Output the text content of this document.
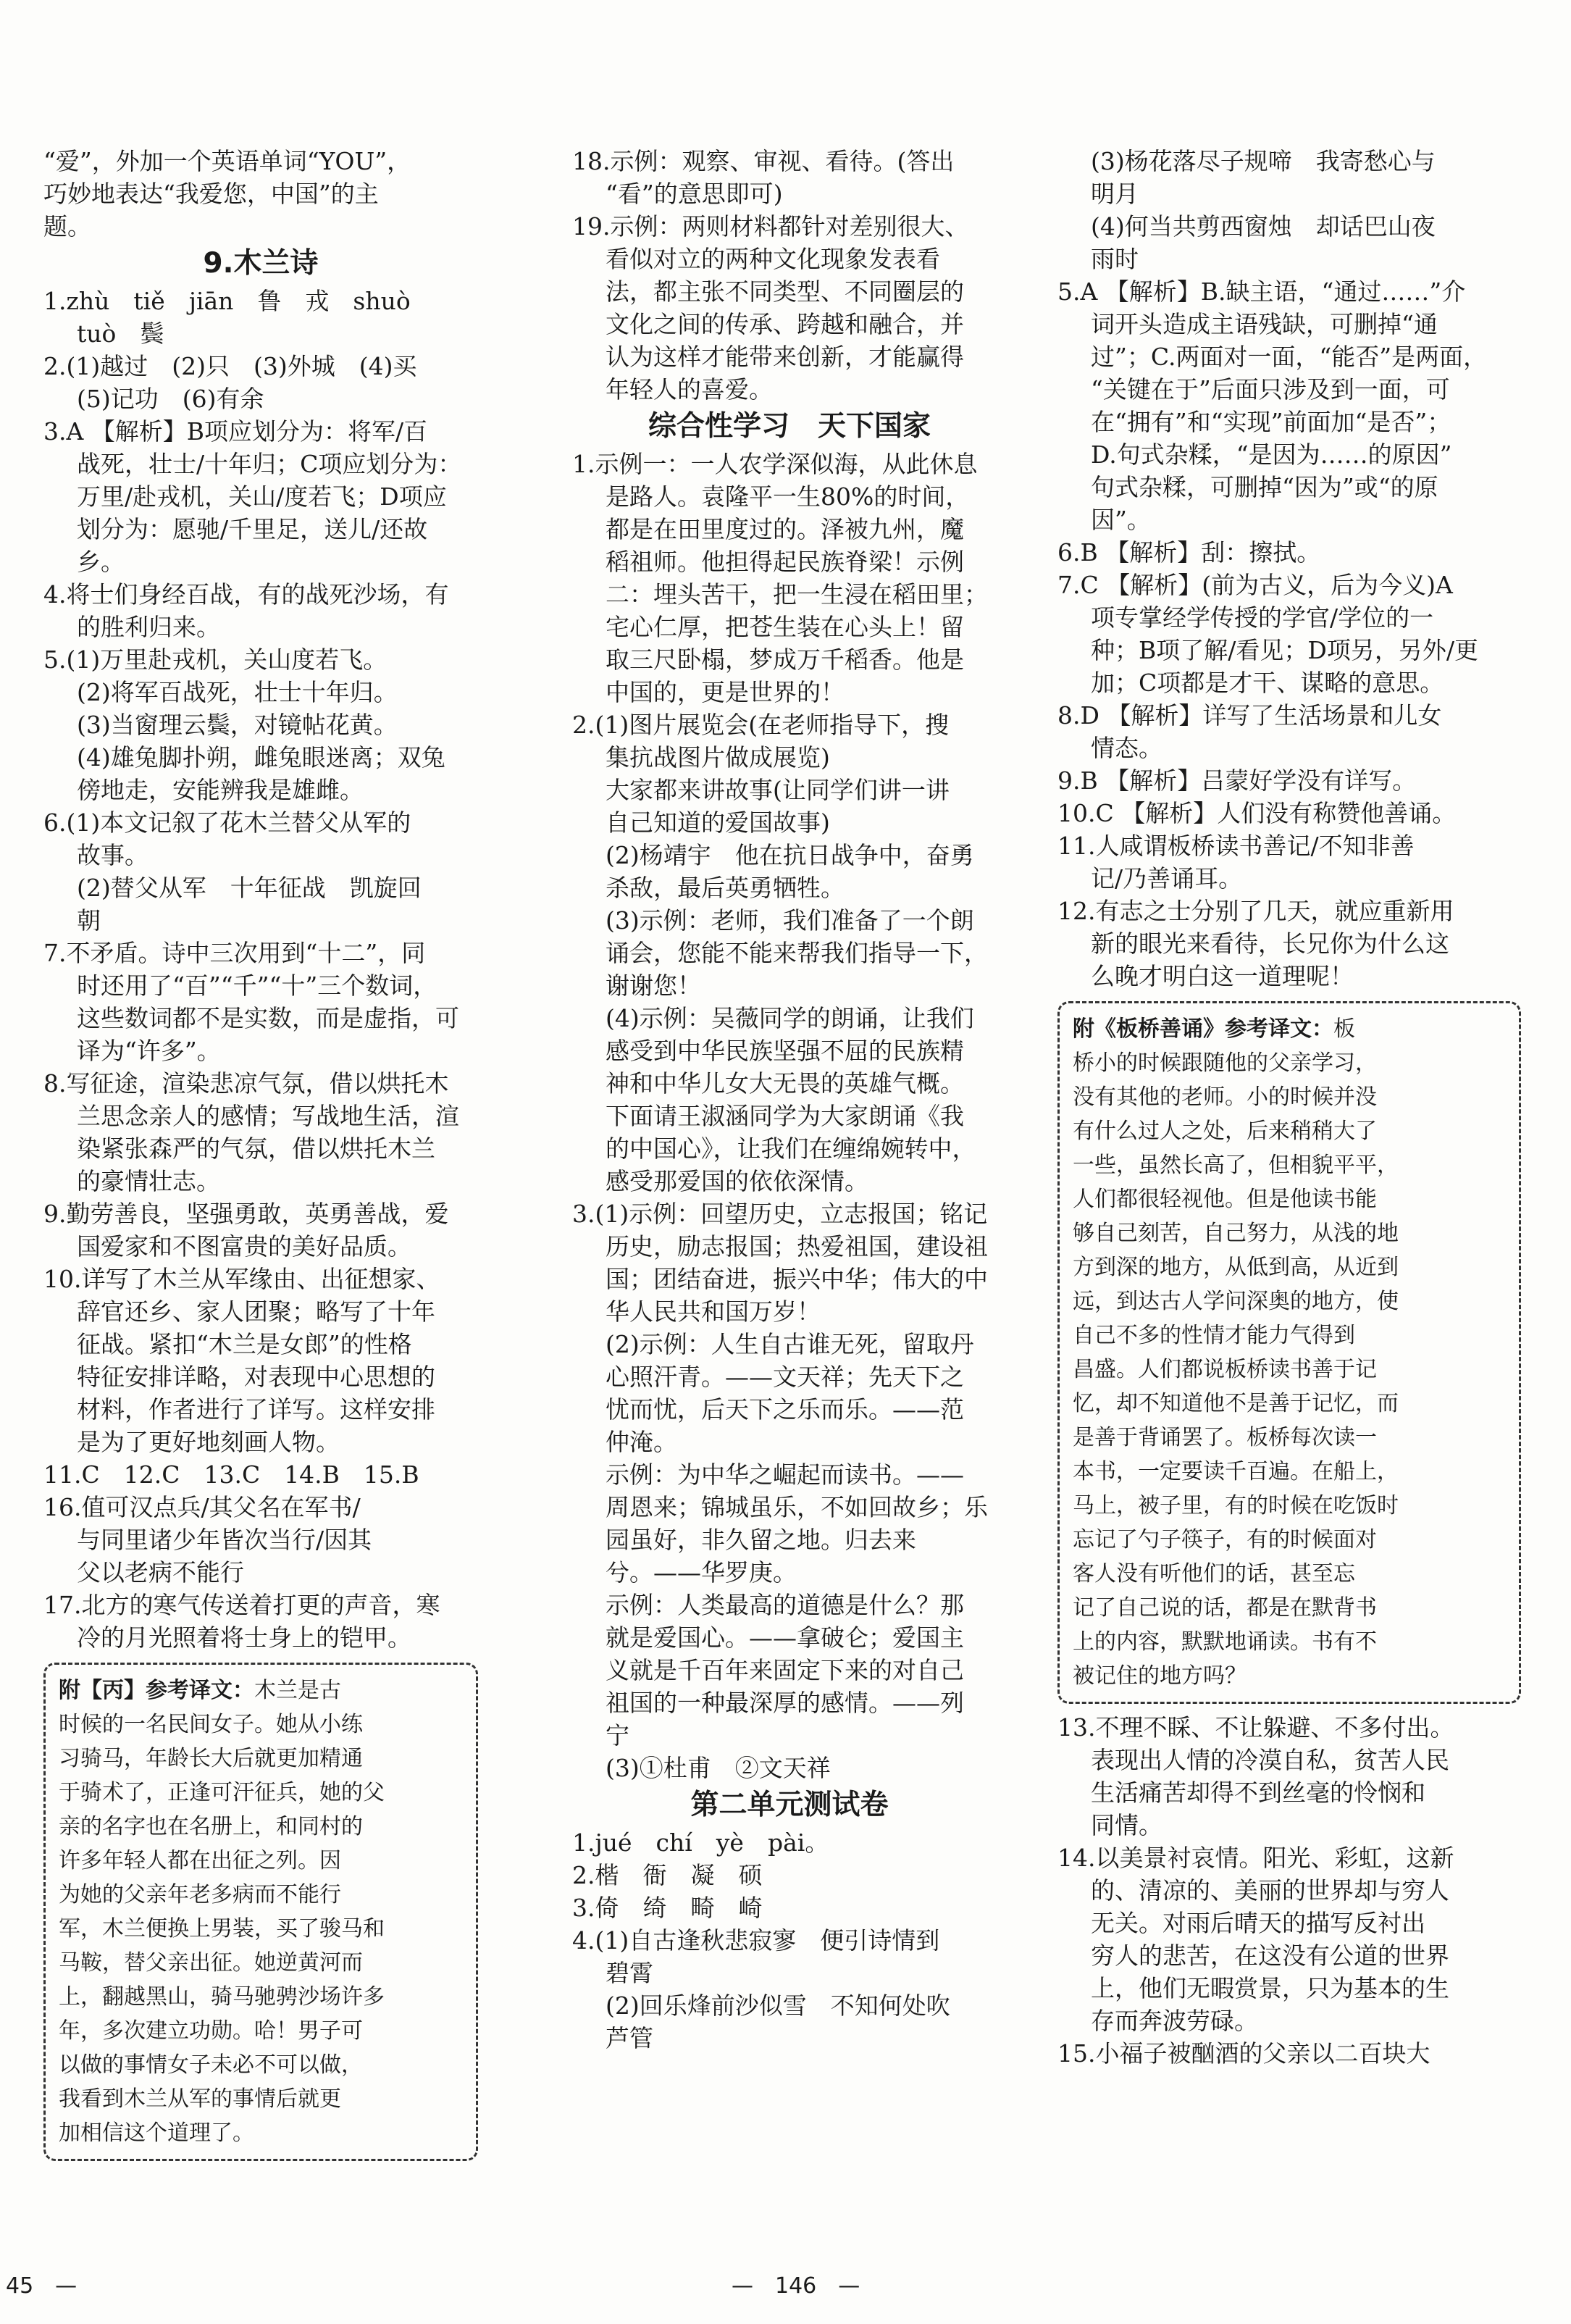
“爱”，外加一个英语单词“YOU”，
巧妙地表达“我爱您，中国”的主
题。
9.木兰诗
1.zhù　tiě　jiān　鲁　戎　shuò
tuò　鬓
2.(1)越过　(2)只　(3)外城　(4)买
(5)记功　(6)有余
3.A 【解析】B项应划分为：将军/百
战死，壮士/十年归；C项应划分为：
万里/赴戎机，关山/度若飞；D项应
划分为：愿驰/千里足，送儿/还故
乡。
4.将士们身经百战，有的战死沙场，有
的胜利归来。
5.(1)万里赴戎机，关山度若飞。
(2)将军百战死，壮士十年归。
(3)当窗理云鬓，对镜帖花黄。
(4)雄兔脚扑朔，雌兔眼迷离；双兔
傍地走，安能辨我是雄雌。
6.(1)本文记叙了花木兰替父从军的
故事。
(2)替父从军　十年征战　凯旋回
朝
7.不矛盾。诗中三次用到“十二”，同
时还用了“百”“千”“十”三个数词，
这些数词都不是实数，而是虚指，可
译为“许多”。
8.写征途，渲染悲凉气氛，借以烘托木
兰思念亲人的感情；写战地生活，渲
染紧张森严的气氛，借以烘托木兰
的豪情壮志。
9.勤劳善良，坚强勇敢，英勇善战，爱
国爱家和不图富贵的美好品质。
10.详写了木兰从军缘由、出征想家、
辞官还乡、家人团聚；略写了十年
征战。紧扣“木兰是女郎”的性格
特征安排详略，对表现中心思想的
材料，作者进行了详写。这样安排
是为了更好地刻画人物。
11.C　12.C　13.C　14.B　15.B
16.值可汉点兵/其父名在军书/
与同里诸少年皆次当行/因其
父以老病不能行
17.北方的寒气传送着打更的声音，寒
冷的月光照着将士身上的铠甲。
附【丙】参考译文：木兰是古
时候的一名民间女子。她从小练
习骑马，年龄长大后就更加精通
于骑术了，正逢可汗征兵，她的父
亲的名字也在名册上，和同村的
许多年轻人都在出征之列。因
为她的父亲年老多病而不能行
军，木兰便换上男装，买了骏马和
马鞍，替父亲出征。她逆黄河而
上，翻越黑山，骑马驰骋沙场许多
年，多次建立功勋。哈！男子可
以做的事情女子未必不可以做，
我看到木兰从军的事情后就更
加相信这个道理了。
18.示例：观察、审视、看待。(答出
“看”的意思即可)
19.示例：两则材料都针对差别很大、
看似对立的两种文化现象发表看
法，都主张不同类型、不同圈层的
文化之间的传承、跨越和融合，并
认为这样才能带来创新，才能赢得
年轻人的喜爱。
综合性学习　天下国家
1.示例一：一人农学深似海，从此休息
是路人。袁隆平一生80%的时间，
都是在田里度过的。泽被九州，魔
稻祖师。他担得起民族脊梁！示例
二：埋头苦干，把一生浸在稻田里；
宅心仁厚，把苍生装在心头上！留
取三尺卧榻，梦成万千稻香。他是
中国的，更是世界的！
2.(1)图片展览会(在老师指导下，搜
集抗战图片做成展览)
大家都来讲故事(让同学们讲一讲
自己知道的爱国故事)
(2)杨靖宇　他在抗日战争中，奋勇
杀敌，最后英勇牺牲。
(3)示例：老师，我们准备了一个朗
诵会，您能不能来帮我们指导一下，
谢谢您！
(4)示例：吴薇同学的朗诵，让我们
感受到中华民族坚强不屈的民族精
神和中华儿女大无畏的英雄气概。
下面请王淑涵同学为大家朗诵《我
的中国心》，让我们在缠绵婉转中，
感受那爱国的依依深情。
3.(1)示例：回望历史，立志报国；铭记
历史，励志报国；热爱祖国，建设祖
国；团结奋进，振兴中华；伟大的中
华人民共和国万岁！
(2)示例：人生自古谁无死，留取丹
心照汗青。——文天祥；先天下之
忧而忧，后天下之乐而乐。——范
仲淹。
示例：为中华之崛起而读书。——
周恩来；锦城虽乐，不如回故乡；乐
园虽好，非久留之地。归去来
兮。——华罗庚。
示例：人类最高的道德是什么？那
就是爱国心。——拿破仑；爱国主
义就是千百年来固定下来的对自己
祖国的一种最深厚的感情。——列
宁
(3)①杜甫　②文天祥
第二单元测试卷
1.jué　chí　yè　pài。
2.楷　衙　凝　硕
3.倚　绮　畸　崎
4.(1)自古逢秋悲寂寥　便引诗情到
碧霄
(2)回乐烽前沙似雪　不知何处吹
芦管
(3)杨花落尽子规啼　我寄愁心与
明月
(4)何当共剪西窗烛　却话巴山夜
雨时
5.A 【解析】B.缺主语，“通过……”介
词开头造成主语残缺，可删掉“通
过”；C.两面对一面，“能否”是两面，
“关键在于”后面只涉及到一面，可
在“拥有”和“实现”前面加“是否”；
D.句式杂糅，“是因为……的原因”
句式杂糅，可删掉“因为”或“的原
因”。
6.B 【解析】刮：擦拭。
7.C 【解析】(前为古义，后为今义)A
项专掌经学传授的学官/学位的一
种；B项了解/看见；D项另，另外/更
加；C项都是才干、谋略的意思。
8.D 【解析】详写了生活场景和儿女
情态。
9.B 【解析】吕蒙好学没有详写。
10.C 【解析】人们没有称赞他善诵。
11.人咸谓板桥读书善记/不知非善
记/乃善诵耳。
12.有志之士分别了几天，就应重新用
新的眼光来看待，长兄你为什么这
么晚才明白这一道理呢！
附《板桥善诵》参考译文：板
桥小的时候跟随他的父亲学习，
没有其他的老师。小的时候并没
有什么过人之处，后来稍稍大了
一些，虽然长高了，但相貌平平，
人们都很轻视他。但是他读书能
够自己刻苦，自己努力，从浅的地
方到深的地方，从低到高，从近到
远，到达古人学问深奥的地方，使
自己不多的性情才能力气得到
昌盛。人们都说板桥读书善于记
忆，却不知道他不是善于记忆，而
是善于背诵罢了。板桥每次读一
本书，一定要读千百遍。在船上，
马上，被子里，有的时候在吃饭时
忘记了勺子筷子，有的时候面对
客人没有听他们的话，甚至忘
记了自己说的话，都是在默背书
上的内容，默默地诵读。书有不
被记住的地方吗？
13.不理不睬、不让躲避、不多付出。
表现出人情的冷漠自私，贫苦人民
生活痛苦却得不到丝毫的怜悯和
同情。
14.以美景衬哀情。阳光、彩虹，这新
的、清凉的、美丽的世界却与穷人
无关。对雨后晴天的描写反衬出
穷人的悲苦，在这没有公道的世界
上，他们无暇赏景，只为基本的生
存而奔波劳碌。
15.小福子被酗酒的父亲以二百块大
45　—	—　146　—
